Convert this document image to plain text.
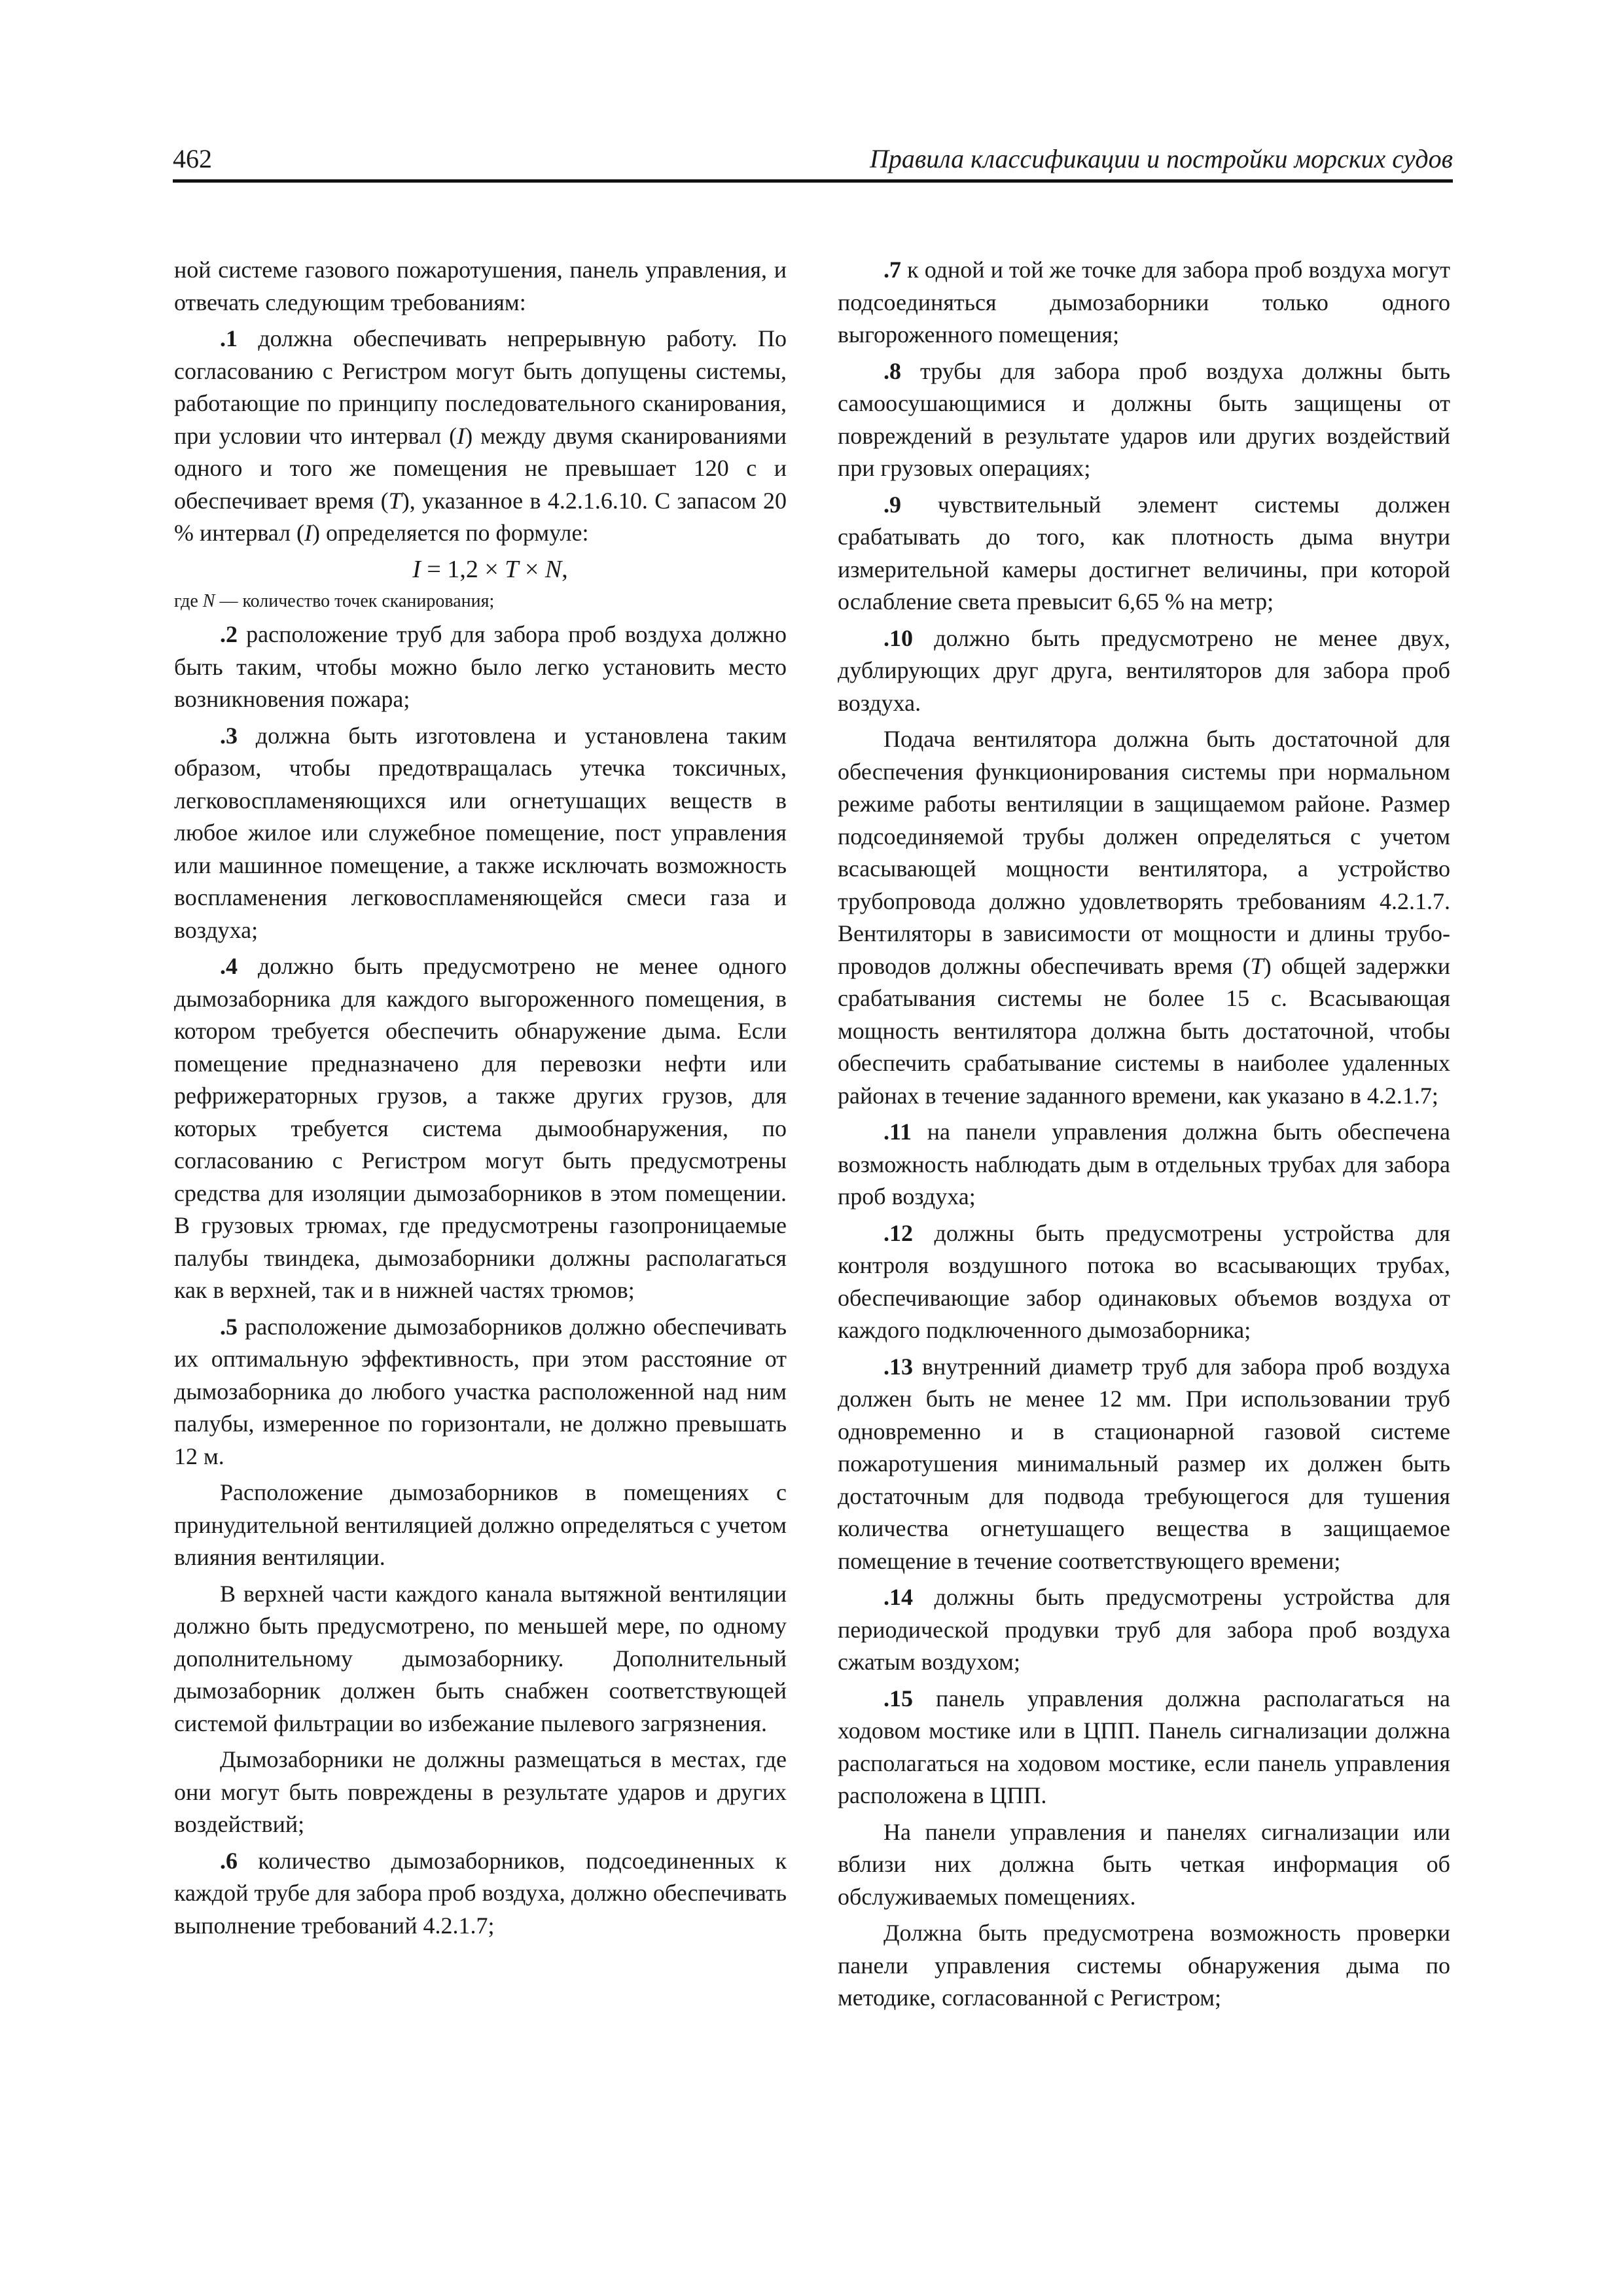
462	Правила классификации и постройки морских судов

ной системе газового пожаротушения, панель управления, и отвечать следующим требованиям:

.1 должна обеспечивать непрерывную работу. По согласованию с Регистром могут быть допущены системы, работающие по принципу последовательного сканирования, при условии что интервал (I) между двумя сканированиями одного и того же помещения не превышает 120 с и обеспечивает время (T), указанное в 4.2.1.6.10. С запасом 20 % интервал (I) определяется по формуле:

I = 1,2 × T × N,

где N — количество точек сканирования;

.2 расположение труб для забора проб воздуха должно быть таким, чтобы можно было легко установить место возникновения пожара;

.3 должна быть изготовлена и установлена таким образом, чтобы предотвращалась утечка токсичных, легковоспламеняющихся или огнетушащих веществ в любое жилое или служебное помещение, пост управления или машинное помещение, а также исключать возможность воспламенения легковоспламеняющейся смеси газа и воздуха;

.4 должно быть предусмотрено не менее одного дымозаборника для каждого выгороженного помещения, в котором требуется обеспечить обнаружение дыма. Если помещение предназначено для перевозки нефти или рефрижераторных грузов, а также других грузов, для которых требуется система дымообнаружения, по согласованию с Регистром могут быть предусмотрены средства для изоляции дымозаборников в этом помещении. В грузовых трюмах, где предусмотрены газопроницаемые палубы твиндека, дымозаборники должны располагаться как в верхней, так и в нижней частях трюмов;

.5 расположение дымозаборников должно обеспечивать их оптимальную эффективность, при этом расстояние от дымозаборника до любого участка расположенной над ним палубы, измеренное по горизонтали, не должно превышать 12 м.

Расположение дымозаборников в помещениях с принудительной вентиляцией должно определяться с учетом влияния вентиляции.

В верхней части каждого канала вытяжной вентиляции должно быть предусмотрено, по меньшей мере, по одному дополнительному дымозаборнику. Дополнительный дымозаборник должен быть снабжен соответствующей системой фильтрации во избежание пылевого загрязнения.

Дымозаборники не должны размещаться в местах, где они могут быть повреждены в результате ударов и других воздействий;

.6 количество дымозаборников, подсоединенных к каждой трубе для забора проб воздуха, должно обеспечивать выполнение требований 4.2.1.7;

.7 к одной и той же точке для забора проб воздуха могут подсоединяться дымозаборники только одного выгороженного помещения;

.8 трубы для забора проб воздуха должны быть самоосушающимися и должны быть защищены от повреждений в результате ударов или других воздействий при грузовых операциях;

.9 чувствительный элемент системы должен срабатывать до того, как плотность дыма внутри измерительной камеры достигнет величины, при которой ослабление света превысит 6,65 % на метр;

.10 должно быть предусмотрено не менее двух, дублирующих друг друга, вентиляторов для забора проб воздуха.

Подача вентилятора должна быть достаточной для обеспечения функционирования системы при нормальном режиме работы вентиляции в защищаемом районе. Размер подсоединяемой трубы должен определяться с учетом всасывающей мощности вентилятора, а устройство трубопровода должно удовлетворять требованиям 4.2.1.7. Вентиляторы в зависимости от мощности и длины трубопроводов должны обеспечивать время (T) общей задержки срабатывания системы не более 15 с. Всасывающая мощность вентилятора должна быть достаточной, чтобы обеспечить срабатывание системы в наиболее удаленных районах в течение заданного времени, как указано в 4.2.1.7;

.11 на панели управления должна быть обеспечена возможность наблюдать дым в отдельных трубах для забора проб воздуха;

.12 должны быть предусмотрены устройства для контроля воздушного потока во всасывающих трубах, обеспечивающие забор одинаковых объемов воздуха от каждого подключенного дымозаборника;

.13 внутренний диаметр труб для забора проб воздуха должен быть не менее 12 мм. При использовании труб одновременно и в стационарной газовой системе пожаротушения минимальный размер их должен быть достаточным для подвода требующегося для тушения количества огнетушащего вещества в защищаемое помещение в течение соответствующего времени;

.14 должны быть предусмотрены устройства для периодической продувки труб для забора проб воздуха сжатым воздухом;

.15 панель управления должна располагаться на ходовом мостике или в ЦПП. Панель сигнализации должна располагаться на ходовом мостике, если панель управления расположена в ЦПП.

На панели управления и панелях сигнализации или вблизи них должна быть четкая информация об обслуживаемых помещениях.

Должна быть предусмотрена возможность проверки панели управления системы обнаружения дыма по методике, согласованной с Регистром;
